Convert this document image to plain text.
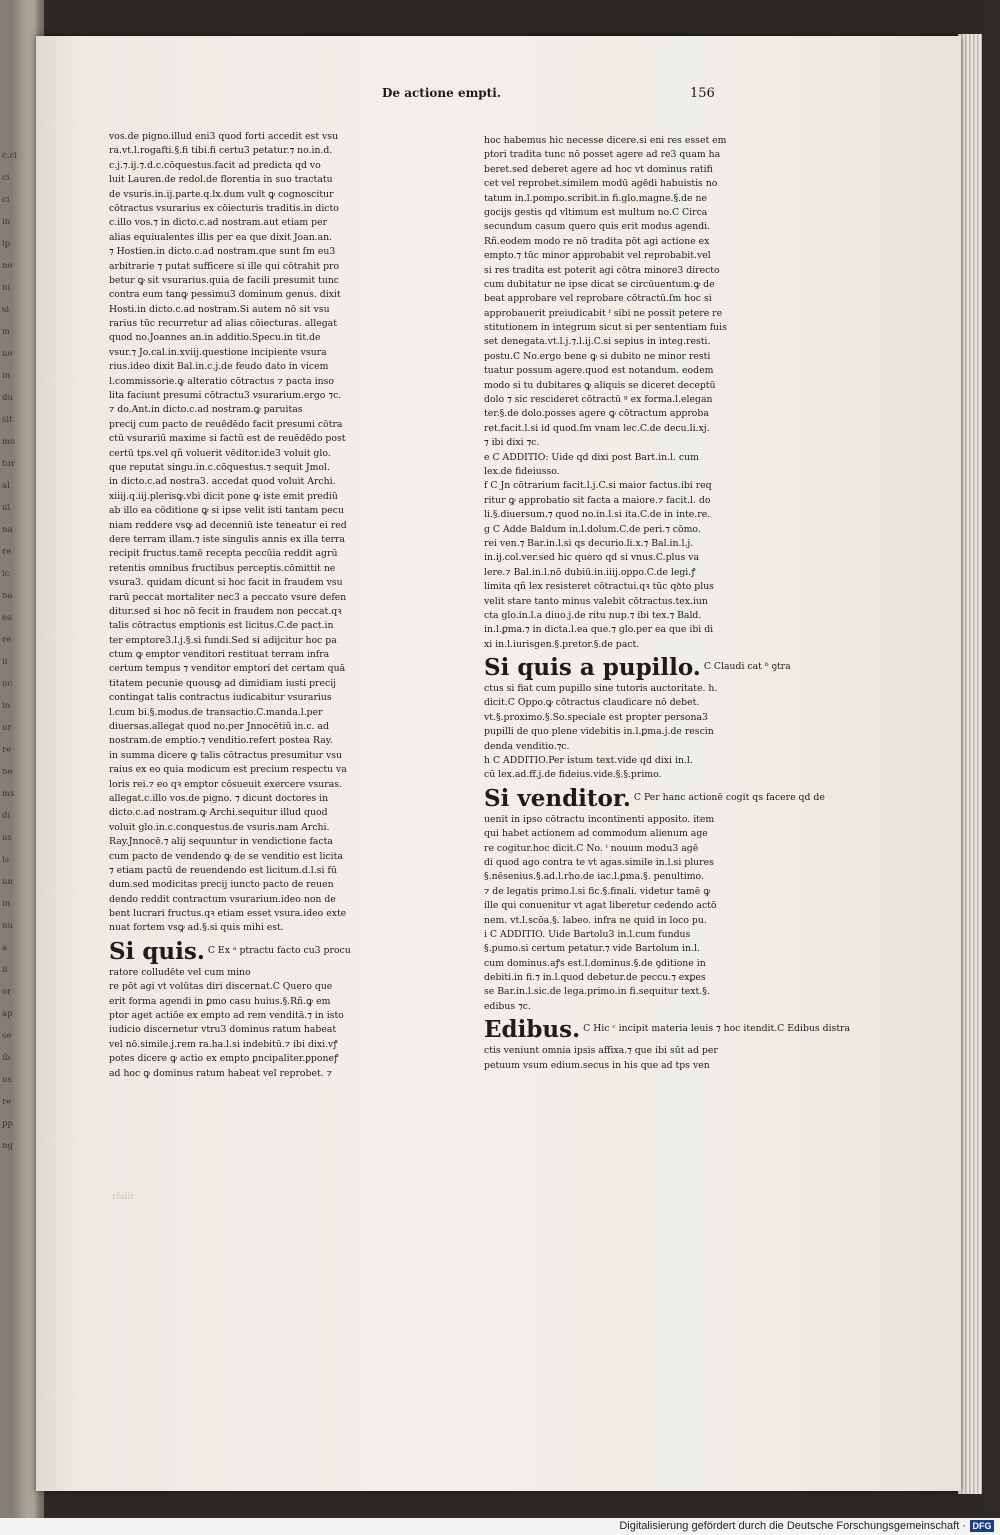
c.ci
ci
ci
in
ip
ne
ni
si
m
ue
in
du
sit
mo
tur
al
ui
na
re
ic
na
ea
re
ii
uc
in
ur
re
ne
ms
di
us
is
un
in
nu
a
ii
or
ap
se
ib
us
re
pp
ng
De actione empti.	156
vos.de pigno.illud eni3 quod forti accedit est vsu
ra.vt.l.rogafti.§.fi tibi.fi certu3 petatur.⁊ no.in.d.
c.j.⁊.ij.⁊.d.c.cōquestus.facit ad predicta qd vo
luit Lauren.de redol.de florentia in suo tractatu
de vsuris.in.ij.parte.q.lx.dum vult ꝙ cognoscitur
cōtractus vsurarius ex cōiecturis traditis.in dicto
c.illo vos.⁊ in dicto.c.ad nostram.aut etiam per
alias equiualentes illis per ea que dixit Joan.an.
⁊ Hostien.in dicto.c.ad nostram.que sunt ſm eu3
arbitrarie ⁊ putat sufficere si ille qui cōtrahit pro
betur ꝙ sit vsurarius.quia de facili presumit tunc
contra eum tanꝙ pessimu3 dominum genus. dixit
Hosti.in dicto.c.ad nostram.Si autem nō sit vsu
rarius tūc recurretur ad alias cōiecturas. allegat
quod no.Joannes an.in additio.Specu.in tit.de
vsur.⁊ Jo.cal.in.xviij.questione incipiente vsura
rius.ideo dixit Bal.in.c.j.de feudo dato in vicem
l.commissorie.ꝙ alteratio cōtractus ⁊ pacta inso
lita faciunt presumi cōtractu3 vsurarium.ergo ⁊c.
⁊ do.Ant.in dicto.c.ad nostram.ꝙ paruitas
precij cum pacto de reuēdēdo facit presumi cōtra
ctū vsurariū maxime si factū est de reuēdēdo post
certū tps.vel qñ voluerit vēditor.ide3 voluit glo.
que reputat singu.in.c.cōquestus.⁊ sequit Jmol.
in dicto.c.ad nostra3. accedat quod voluit Archi.
xiiij.q.iij.plerisꝙ.vbi dicit pone ꝙ iste emit prediū
ab illo ea cōditione ꝙ si ipse velit isti tantam pecu
niam reddere vsꝙ ad decenniū iste teneatur ei red
dere terram illam.⁊ iste singulis annis ex illa terra
recipit fructus.tamē recepta peccūia reddit agrū
retentis omnibus fructibus perceptis.cōmittit ne
vsura3. quidam dicunt si hoc facit in fraudem vsu
rarū peccat mortaliter nec3 a peccato vsure defen
ditur.sed si hoc nō fecit in fraudem non peccat.qꝛ
talis cōtractus emptionis est licitus.C.de pact.in
ter emptore3.l.j.§.si fundi.Sed si adijcitur hoc pa
ctum ꝙ emptor venditori restituat terram infra
certum tempus ⁊ venditor emptori det certam quā
titatem pecunie quousꝙ ad dimidiam iusti precij
contingat talis contractus iudicabitur vsurarius
l.cum bi.§.modus.de transactio.C.manda.l.per
diuersas.allegat quod no.per Jnnocētiū in.c. ad
nostram.de emptio.⁊ venditio.refert postea Ray.
in summa dicere ꝙ talis cōtractus presumitur vsu
raius ex eo quia modicum est precium respectu va
loris rei.⁊ eo qꝛ emptor cōsueuit exercere vsuras.
allegat.c.illo vos.de pigno. ⁊ dicunt doctores in
dicto.c.ad nostram.ꝙ Archi.sequitur illud quod
voluit glo.in.c.conquestus.de vsuris.nam Archi.
Ray.Jnnocē.⁊ alij sequuntur in vendictione facta
cum pacto de vendendo ꝙ de se venditio est licita
⁊ etiam pactū de reuendendo est licitum.d.l.si fū
dum.sed modicitas precij iuncto pacto de reuen
dendo reddit contractum vsurarium.ideo non de
bent lucrari fructus.qꝛ etiam esset vsura.ideo exte
nuat fortem vsꝙ ad.§.si quis mihi est.
Si quis. $^{C Ex ᵃ ptractu facto cu3 procu}$
ratore colludēte vel cum mino
re pōt agi vt volūtas diri discernat.C Quero que
erit forma agendi in ꝑmo casu huius.§.Rñ.ꝙ em
ptor aget actiōe ex empto ad rem venditā.⁊ in isto
iudicio discernetur vtru3 dominus ratum habeat
vel nō.simile.j.rem ra.ha.l.si indebitū.⁊ ibi dixi.vꝭ
potes dicere ꝙ actio ex empto ꝑncipaliter.ꝑponeꝭ
ad hoc ꝙ dominus ratum habeat vel reprobet. ⁊
rādir
hoc habemus hic necesse dicere.si eni res esset em
ptori tradita tunc nō posset agere ad re3 quam ha
beret.sed deberet agere ad hoc vt dominus ratifi
cet vel reprobet.similem modū agēdi habuistis no
tatum in.l.pompo.scribit.in fi.glo.magne.§.de ne
gocijs gestis qd vltimum est multum no.C Circa
secundum casum quero quis erit modus agendi.
Rñ.eodem modo re nō tradita pōt agi actione ex
empto.⁊ tūc minor approbabit vel reprobabit.vel
si res tradita est poterit agi cōtra minore3 directo
cum dubitatur ne ipse dicat se circūuentum.ꝙ de
beat approbare vel reprobare cōtractū.ſm hoc si
approbauerit preiudicabit ᶠ sibi ne possit petere re
stitutionem in integrum sicut si per sententiam fuis
set denegata.vt.l.j.⁊.l.ij.C.si sepius in integ.resti.
postu.C No.ergo bene ꝙ si dubito ne minor resti
tuatur possum agere.quod est notandum. eodem
modo si tu dubitares ꝙ aliquis se diceret deceptū
dolo ⁊ sic rescideret cōtractū ᵍ ex forma.l.elegan
ter.§.de dolo.posses agere ꝙ cōtractum approba
ret.facit.l.si id quod.ſm vnam lec.C.de decu.li.xj.
⁊ ibi dixi ⁊c.
e C ADDITIO: Uide qd dixi post Bart.in.l. cum
lex.de fideiusso.
f C Jn cōtrarium facit.l.j.C.si maior factus.ibi req
ritur ꝙ approbatio sit facta a maiore.⁊ facit.l. do
li.§.diuersum.⁊ quod no.in.l.si ita.C.de in inte.re.
g C Adde Baldum in.l.dolum.C.de peri.⁊ cōmo.
rei ven.⁊ Bar.in.l.si qs decurio.li.x.⁊ Bal.in.l.j.
in.ij.col.ver.sed hic quero qd si vnus.C.plus va
lere.⁊ Bal.in.l.nō dubiū.in.iiij.oppo.C.de legi.ꝭ
limita qñ lex resisteret cōtractui.qꝛ tūc qꝺto plus
velit stare tanto minus valebit cōtractus.tex.iun
cta glo.in.l.a diuo.j.de ritu nup.⁊ ibi tex.⁊ Bald.
in.l.ꝑma.⁊ in dicta.l.ea que.⁊ glo.per ea que ibi di
xi in.l.iurisgen.§.pretor.§.de pact.
Si quis a pupillo. $^{C Claudi cat ᵇ ꝯtra}$
ctus si fiat cum pupillo sine tutoris auctoritate. h.
dicit.C Oppo.ꝙ cōtractus claudicare nō debet.
vt.§.proximo.§.So.speciale est propter persona3
pupilli de quo plene videbitis in.l.ꝑma.j.de rescin
denda venditio.⁊c.
h C ADDITIO.Per istum text.vide qd dixi in.l.
cū lex.ad.ff.j.de fideius.vide.§.§.primo.
Si venditor. $^{C Per hanc actionē cogit qs facere qd de}$
uenit in ipso cōtractu incontinenti apposito. item
qui habet actionem ad commodum alienum age
re cogitur.hoc dicit.C No. ⁱ nouum modu3 agē
di quod ago contra te vt agas.simile in.l.si plures
§.nēsenius.§.ad.l.rho.de iac.l.ꝑma.§. penultimo.
⁊ de legatis primo.l.si fic.§.finali. videtur tamē ꝙ
ille qui conuenitur vt agat liberetur cedendo actō
nem. vt.l.scōa.§. labeo. infra ne quid in loco pu.
i C ADDITIO. Uide Bartolu3 in.l.cum fundus
§.pumo.si certum petatur.⁊ vide Bartolum in.l.
cum dominus.aꝭs est.l.dominus.§.de ꝯditione in
debiti.in fi.⁊ in.l.quod debetur.de peccu.⁊ exꝑes
se Bar.in.l.sic.de lega.primo.in fi.sequitur text.§.
edibus ⁊c.
Edibus. $^{C Hic ᶜ incipit materia leuis ⁊ hoc itendit.C Edibus distra}$
ctis veniunt omnia ipsis affixa.⁊ que ibi sūt ad per
petuum vsum edium.secus in his que ad tps ven
Digitalisierung gefördert durch die Deutsche Forschungsgemeinschaft · DFG
